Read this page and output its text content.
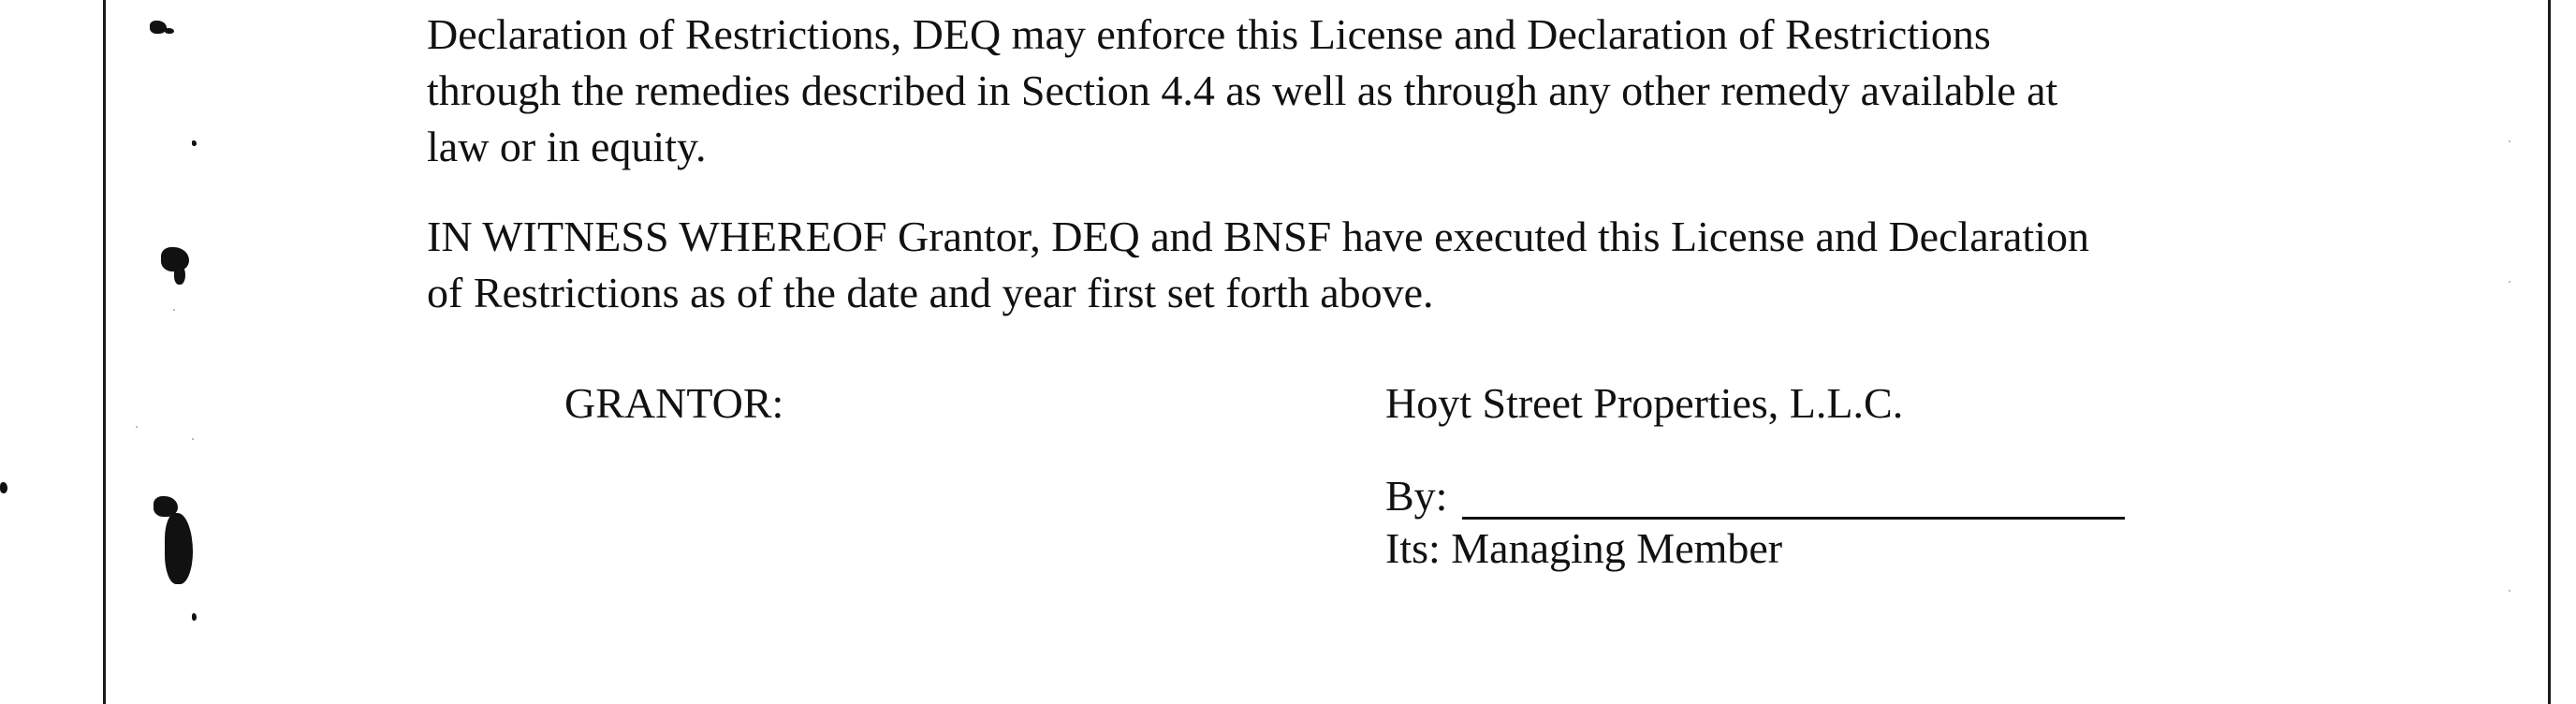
Declaration of Restrictions, DEQ may enforce this License and Declaration of Restrictions
through the remedies described in Section 4.4 as well as through any other remedy available at
law or in equity.

IN WITNESS WHEREOF Grantor, DEQ and BNSF have executed this License and Declaration
of Restrictions as of the date and year first set forth above.

GRANTOR:	Hoyt Street Properties, L.L.C.
By:
Its: Managing Member
